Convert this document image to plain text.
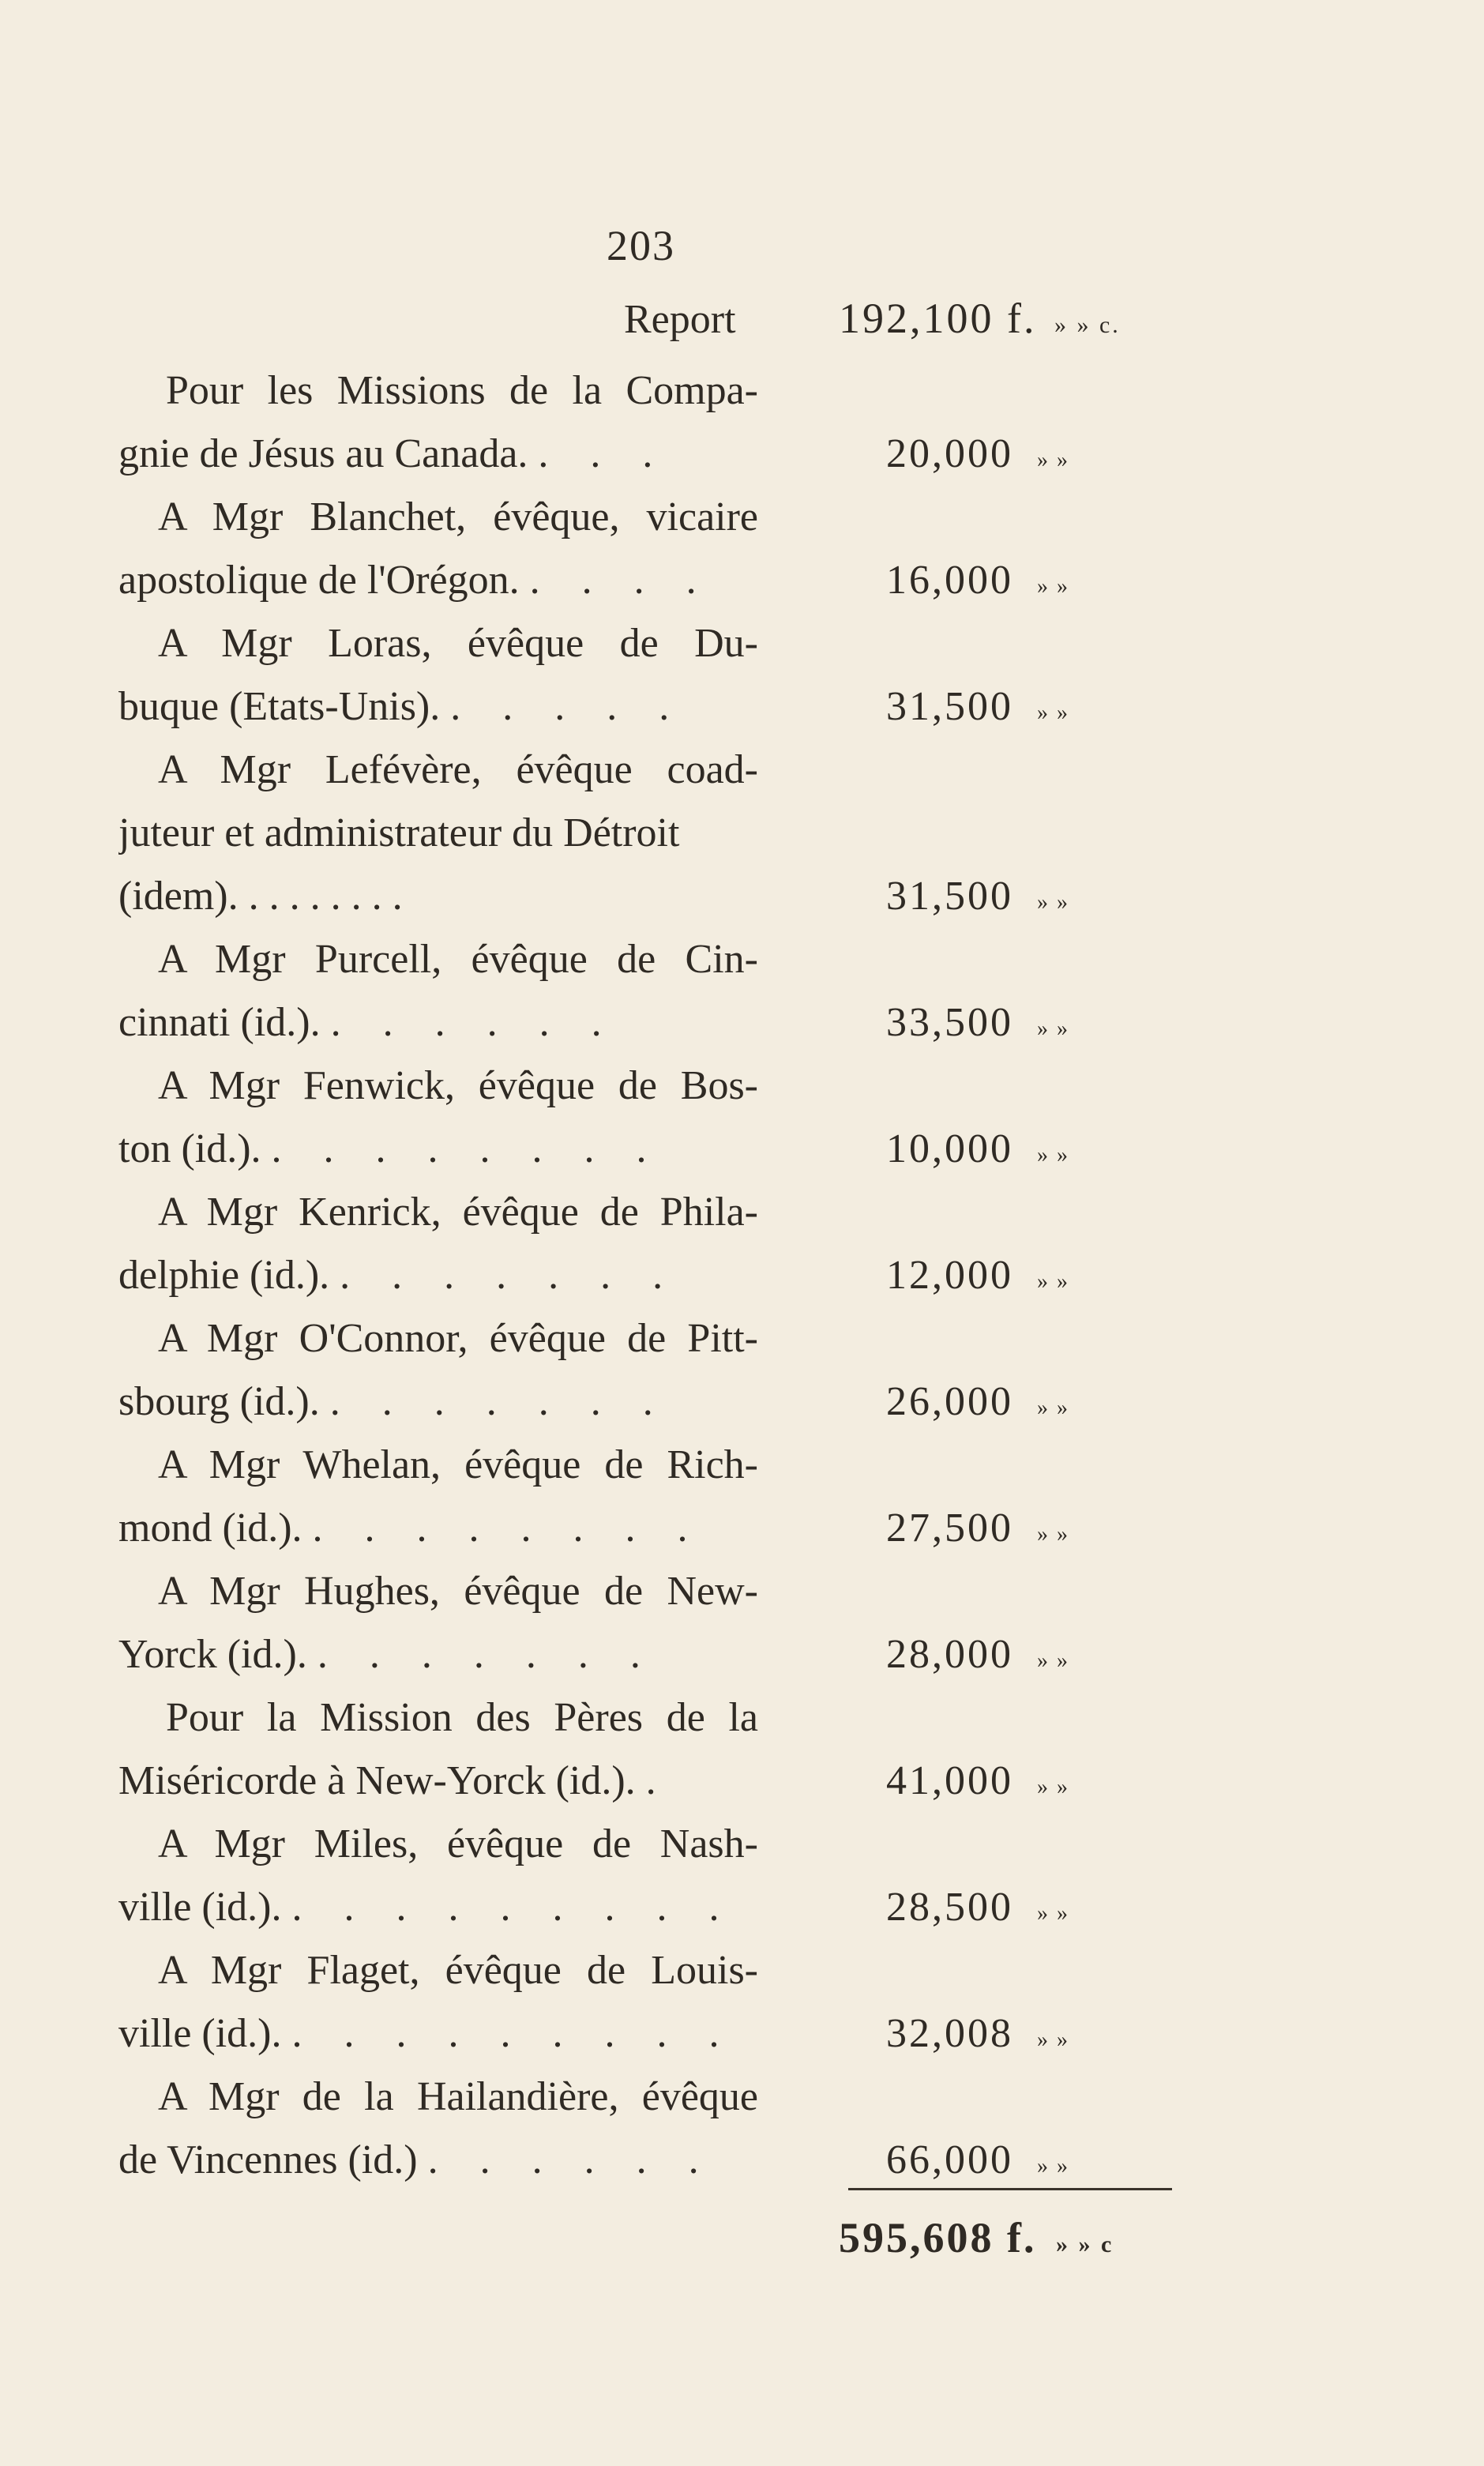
203
Report 192,100 f. » » c.
Pour les Missions de la Compa-
gnie de Jésus au Canada. . . .	20,000 » »
A Mgr Blanchet, évêque, vicaire
apostolique de l'Orégon. . . . .	16,000 » »
A Mgr Loras, évêque de Du-
buque (Etats-Unis). . . . . .	31,500 » »
A Mgr Lefévère, évêque coad-
juteur et administrateur du Détroit
(idem). . . . . . . . .	31,500 » »
A Mgr Purcell, évêque de Cin-
cinnati (id.). . . . . . .	33,500 » »
A Mgr Fenwick, évêque de Bos-
ton (id.). . . . . . . . .	10,000 » »
A Mgr Kenrick, évêque de Phila-
delphie (id.). . . . . . . .	12,000 » »
A Mgr O'Connor, évêque de Pitt-
sbourg (id.). . . . . . . .	26,000 » »
A Mgr Whelan, évêque de Rich-
mond (id.). . . . . . . . .	27,500 » »
A Mgr Hughes, évêque de New-
Yorck (id.). . . . . . . .	28,000 » »
Pour la Mission des Pères de la
Miséricorde à New-Yorck (id.). .	41,000 » »
A Mgr Miles, évêque de Nash-
ville (id.). . . . . . . . . .	28,500 » »
A Mgr Flaget, évêque de Louis-
ville (id.). . . . . . . . . .	32,008 » »
A Mgr de la Hailandière, évêque
de Vincennes (id.) . . . . . .	66,000 » »
595,608 f. » » c
